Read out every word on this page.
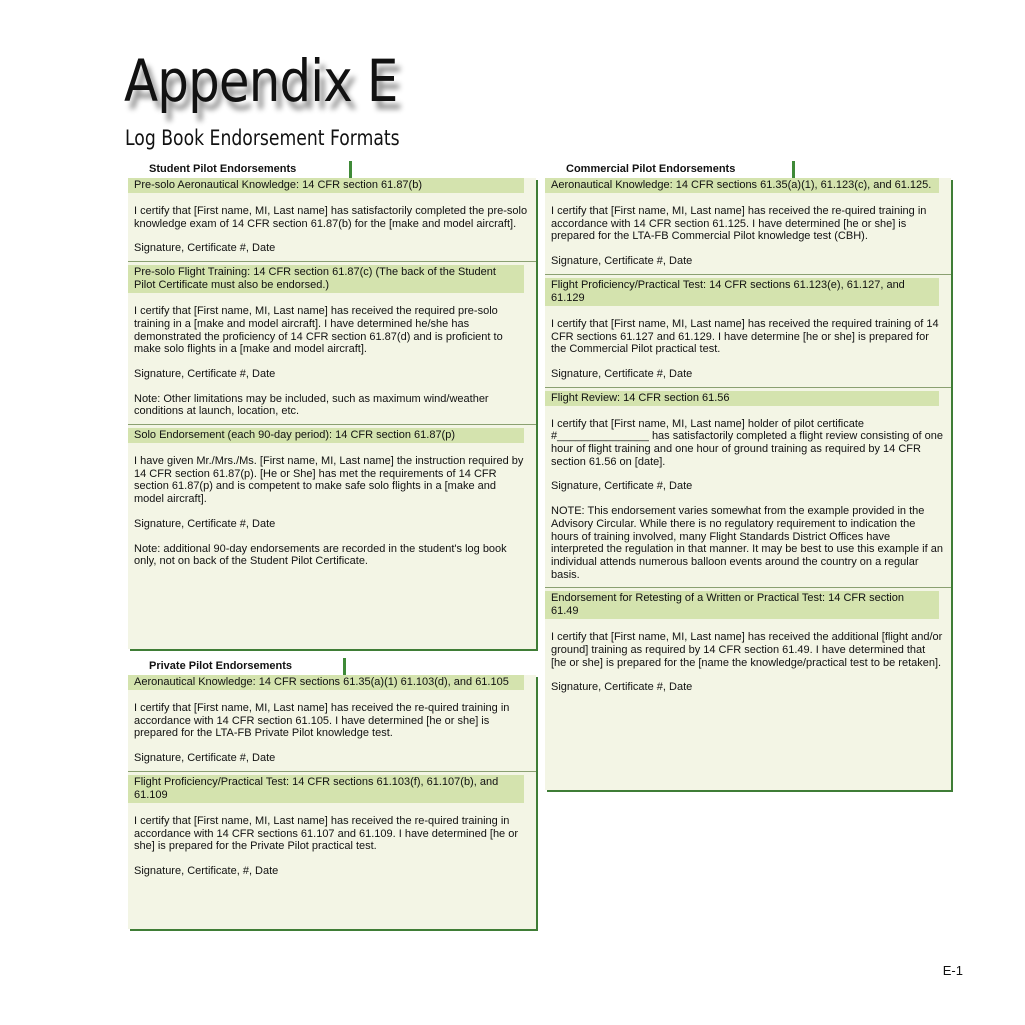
Appendix E
Log Book Endorsement Formats
Student Pilot Endorsements
Pre-solo Aeronautical Knowledge: 14 CFR section 61.87(b)

I certify that [First name, MI, Last name] has satisfactorily completed the pre-solo knowledge exam of 14 CFR section 61.87(b) for the [make and model aircraft].

Signature, Certificate #, Date

Pre-solo Flight Training: 14 CFR section 61.87(c) (The back of the Student Pilot Certificate must also be endorsed.)

I certify that [First name, MI, Last name] has received the required pre-solo training in a [make and model aircraft]. I have determined he/she has demonstrated the proficiency of 14 CFR section 61.87(d) and is proficient to make solo flights in a [make and model aircraft].

Signature, Certificate #, Date

Note: Other limitations may be included, such as maximum wind/weather conditions at launch, location, etc.

Solo Endorsement (each 90-day period): 14 CFR section 61.87(p)

I have given Mr./Mrs./Ms. [First name, MI, Last name] the instruction required by 14 CFR section 61.87(p). [He or She] has met the requirements of 14 CFR section 61.87(p) and is competent to make safe solo flights in a [make and model aircraft].

Signature, Certificate #, Date

Note: additional 90-day endorsements are recorded in the student's log book only, not on back of the Student Pilot Certificate.

Private Pilot Endorsements
Aeronautical Knowledge: 14 CFR sections 61.35(a)(1) 61.103(d), and 61.105

I certify that [First name, MI, Last name] has received the re-quired training in accordance with 14 CFR section 61.105. I have determined [he or she] is prepared for the LTA-FB Private Pilot knowledge test.

Signature, Certificate #, Date

Flight Proficiency/Practical Test: 14 CFR sections 61.103(f), 61.107(b), and 61.109

I certify that [First name, MI, Last name] has received the re-quired training in accordance with 14 CFR sections 61.107 and 61.109. I have determined [he or she] is prepared for the Private Pilot practical test.

Signature, Certificate, #, Date

Commercial Pilot Endorsements
Aeronautical Knowledge: 14 CFR sections 61.35(a)(1), 61.123(c), and 61.125.

I certify that [First name, MI, Last name] has received the re-quired training in accordance with 14 CFR section 61.125. I have determined [he or she] is prepared for the LTA-FB Commercial Pilot knowledge test (CBH).

Signature, Certificate #, Date

Flight Proficiency/Practical Test: 14 CFR sections 61.123(e), 61.127, and 61.129

I certify that [First name, MI, Last name] has received the required training of 14 CFR sections 61.127 and 61.129. I have determine [he or she] is prepared for the Commercial Pilot practical test.

Signature, Certificate #, Date

Flight Review: 14 CFR section 61.56

I certify that [First name, MI, Last name] holder of pilot certificate #_______________ has satisfactorily completed a flight review consisting of one hour of flight training and one hour of ground training as required by 14 CFR section 61.56 on [date].

Signature, Certificate #, Date

NOTE: This endorsement varies somewhat from the example provided in the Advisory Circular. While there is no regulatory requirement to indication the hours of training involved, many Flight Standards District Offices have interpreted the regulation in that manner. It may be best to use this example if an individual attends numerous balloon events around the country on a regular basis.

Endorsement for Retesting of a Written or Practical Test: 14 CFR section 61.49

I certify that [First name, MI, Last name] has received the additional [flight and/or ground] training as required by 14 CFR section 61.49. I have determined that [he or she] is prepared for the [name the knowledge/practical test to be retaken].

Signature, Certificate #, Date

E-1
